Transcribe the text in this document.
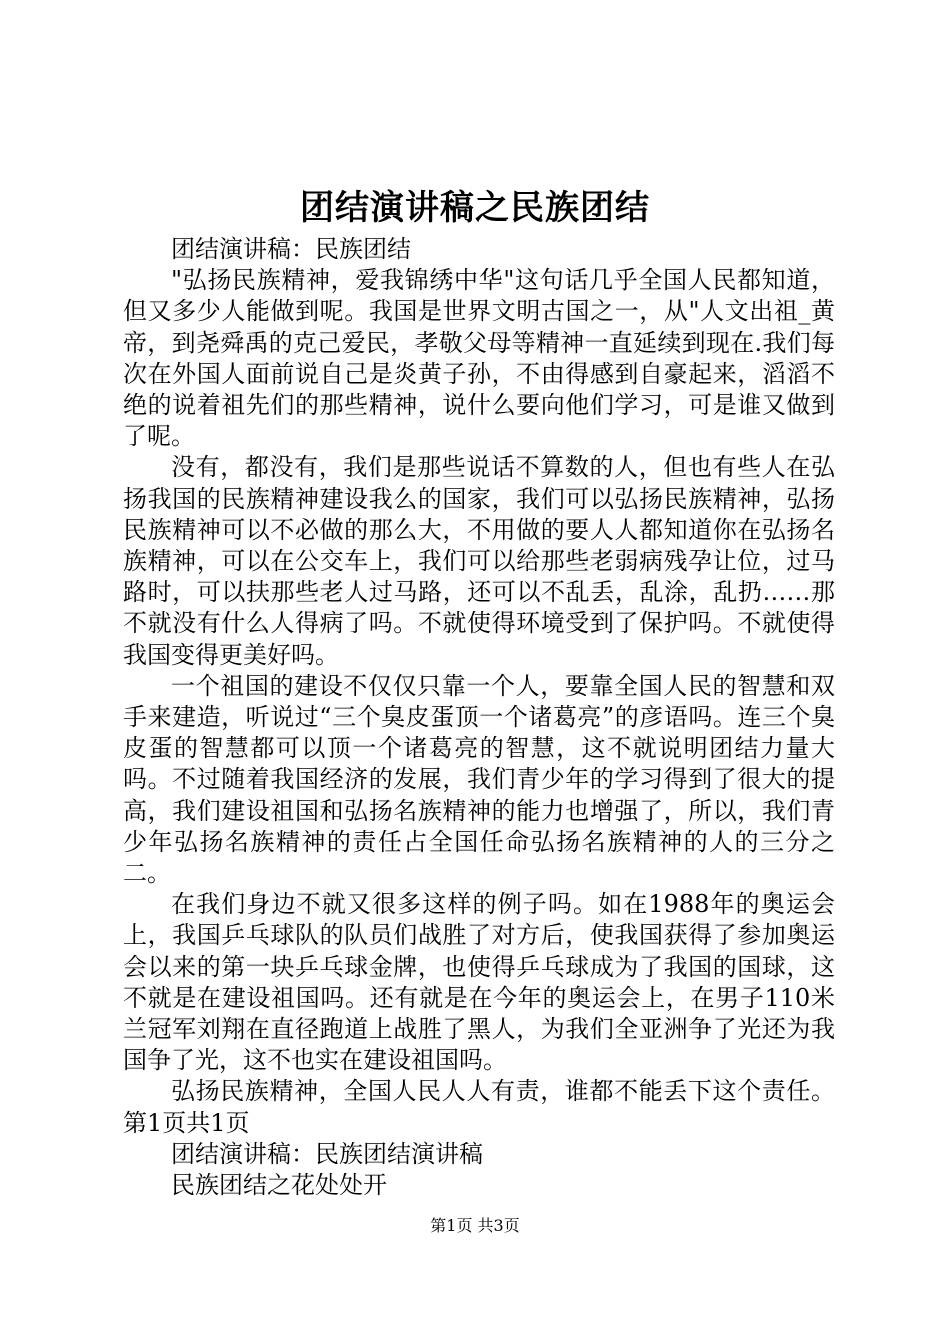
团结演讲稿之民族团结

团结演讲稿：民族团结

"弘扬民族精神，爱我锦绣中华"这句话几乎全国人民都知道，但又多少人能做到呢。我国是世界文明古国之一，从"人文出祖_黄帝，到尧舜禹的克己爱民，孝敬父母等精神一直延续到现在.我们每次在外国人面前说自己是炎黄子孙，不由得感到自豪起来，滔滔不绝的说着祖先们的那些精神，说什么要向他们学习，可是谁又做到了呢。

没有，都没有，我们是那些说话不算数的人，但也有些人在弘扬我国的民族精神建设我么的国家，我们可以弘扬民族精神，弘扬民族精神可以不必做的那么大，不用做的要人人都知道你在弘扬名族精神，可以在公交车上，我们可以给那些老弱病残孕让位，过马路时，可以扶那些老人过马路，还可以不乱丢，乱涂，乱扔……那不就没有什么人得病了吗。不就使得环境受到了保护吗。不就使得我国变得更美好吗。

一个祖国的建设不仅仅只靠一个人，要靠全国人民的智慧和双手来建造，听说过“三个臭皮蛋顶一个诸葛亮”的彦语吗。连三个臭皮蛋的智慧都可以顶一个诸葛亮的智慧，这不就说明团结力量大吗。不过随着我国经济的发展，我们青少年的学习得到了很大的提高，我们建设祖国和弘扬名族精神的能力也增强了，所以，我们青少年弘扬名族精神的责任占全国任命弘扬名族精神的人的三分之二。

在我们身边不就又很多这样的例子吗。如在1988年的奥运会上，我国乒乓球队的队员们战胜了对方后，使我国获得了参加奥运会以来的第一块乒乓球金牌，也使得乒乓球成为了我国的国球，这不就是在建设祖国吗。还有就是在今年的奥运会上，在男子110米兰冠军刘翔在直径跑道上战胜了黑人，为我们全亚洲争了光还为我国争了光，这不也实在建设祖国吗。

弘扬民族精神，全国人民人人有责，谁都不能丢下这个责任。第1页共1页

团结演讲稿：民族团结演讲稿

民族团结之花处处开

第1页 共3页
